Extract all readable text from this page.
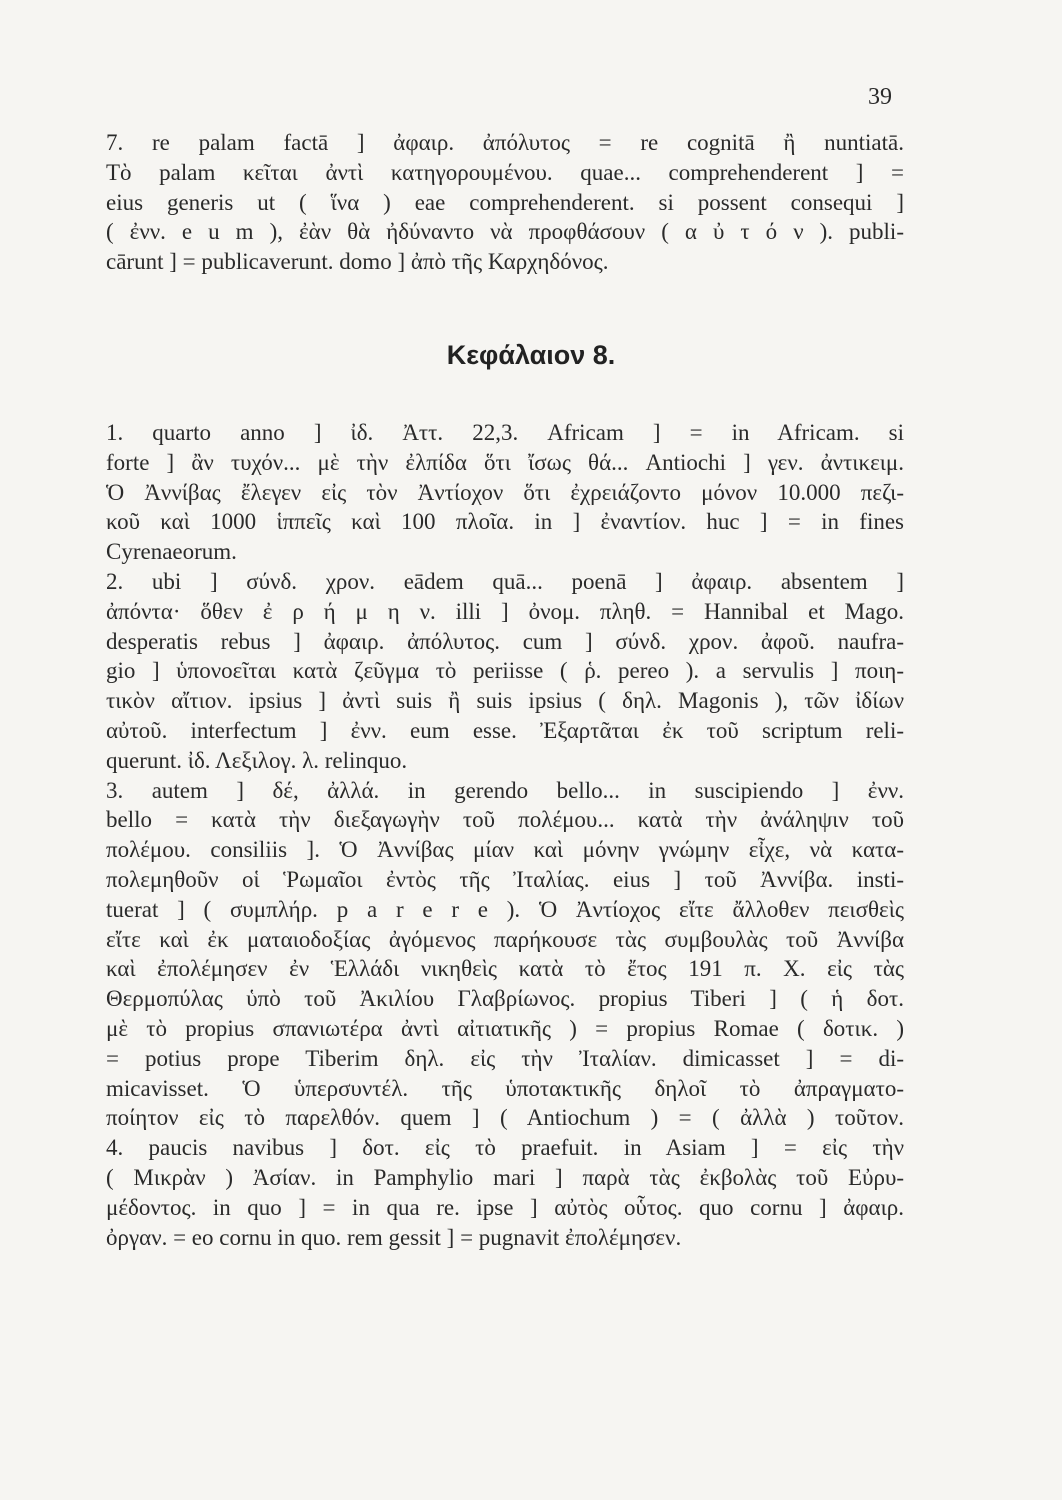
39
7. re palam factā ] ἀφαιρ. ἀπόλυτος = re cognitā ἢ nuntiatā.
Τὸ palam κεῖται ἀντὶ κατηγορουμένου. quae... comprehenderent ] =
eius generis ut ( ἵνα ) eae comprehenderent. si possent consequi ]
( ἐνν. e u m ), ἐὰν θὰ ἠδύναντο νὰ προφθάσουν ( α ὐ τ ό ν ). publi-
cārunt ] = publicaverunt. domo ] ἀπὸ τῆς Καρχηδόνος.
Κεφάλαιον 8.
1. quarto anno ] ἰδ. Ἀττ. 22,3. Africam ] = in Africam. si
forte ] ἂν τυχόν... μὲ τὴν ἐλπίδα ὅτι ἴσως θά... Antiochi ] γεν. ἀντικειμ.
Ὁ Ἀννίβας ἔλεγεν εἰς τὸν Ἀντίοχον ὅτι ἐχρειάζοντο μόνον 10.000 πεζι-
κοῦ καὶ 1000 ἱππεῖς καὶ 100 πλοῖα. in ] ἐναντίον. huc ] = in fines
Cyrenaeorum.
2. ubi ] σύνδ. χρον. eādem quā... poenā ] ἀφαιρ. absentem ]
ἀπόντα· ὅθεν ἐ ρ ή μ η ν. illi ] ὀνομ. πληθ. = Hannibal et Mago.
desperatis rebus ] ἀφαιρ. ἀπόλυτος. cum ] σύνδ. χρον. ἀφοῦ. naufra-
gio ] ὑπονοεῖται κατὰ ζεῦγμα τὸ periisse ( ῥ. pereo ). a servulis ] ποιη-
τικὸν αἴτιον. ipsius ] ἀντὶ suis ἢ suis ipsius ( δηλ. Magonis ), τῶν ἰδίων
αὐτοῦ. interfectum ] ἐνν. eum esse. Ἐξαρτᾶται ἐκ τοῦ scriptum reli-
querunt. ἰδ. Λεξιλογ. λ. relinquo.
3. autem ] δέ, ἀλλά. in gerendo bello... in suscipiendo ] ἐνν.
bello = κατὰ τὴν διεξαγωγὴν τοῦ πολέμου... κατὰ τὴν ἀνάληψιν τοῦ
πολέμου. consiliis ]. Ὁ Ἀννίβας μίαν καὶ μόνην γνώμην εἶχε, νὰ κατα-
πολεμηθοῦν οἱ Ῥωμαῖοι ἐντὸς τῆς Ἰταλίας. eius ] τοῦ Ἀννίβα. insti-
tuerat ] ( συμπλήρ. p a r e r e ). Ὁ Ἀντίοχος εἴτε ἄλλοθεν πεισθεὶς
εἴτε καὶ ἐκ ματαιοδοξίας ἀγόμενος παρήκουσε τὰς συμβουλὰς τοῦ Ἀννίβα
καὶ ἐπολέμησεν ἐν Ἑλλάδι νικηθεὶς κατὰ τὸ ἔτος 191 π. Χ. εἰς τὰς
Θερμοπύλας ὑπὸ τοῦ Ἀκιλίου Γλαβρίωνος. propius Tiberi ] ( ἡ δοτ.
μὲ τὸ propius σπανιωτέρα ἀντὶ αἰτιατικῆς ) = propius Romae ( δοτικ. )
= potius prope Tiberim δηλ. εἰς τὴν Ἰταλίαν. dimicasset ] = di-
micavisset. Ὁ ὑπερσυντέλ. τῆς ὑποτακτικῆς δηλοῖ τὸ ἀπραγματο-
ποίητον εἰς τὸ παρελθόν. quem ] ( Antiochum ) = ( ἀλλὰ ) τοῦτον.
4. paucis navibus ] δοτ. εἰς τὸ praefuit. in Asiam ] = εἰς τὴν
( Μικρὰν ) Ἀσίαν. in Pamphylio mari ] παρὰ τὰς ἐκβολὰς τοῦ Εὐρυ-
μέδοντος. in quo ] = in qua re. ipse ] αὐτὸς οὗτος. quo cornu ] ἀφαιρ.
ὀργαν. = eo cornu in quo. rem gessit ] = pugnavit ἐπολέμησεν.
